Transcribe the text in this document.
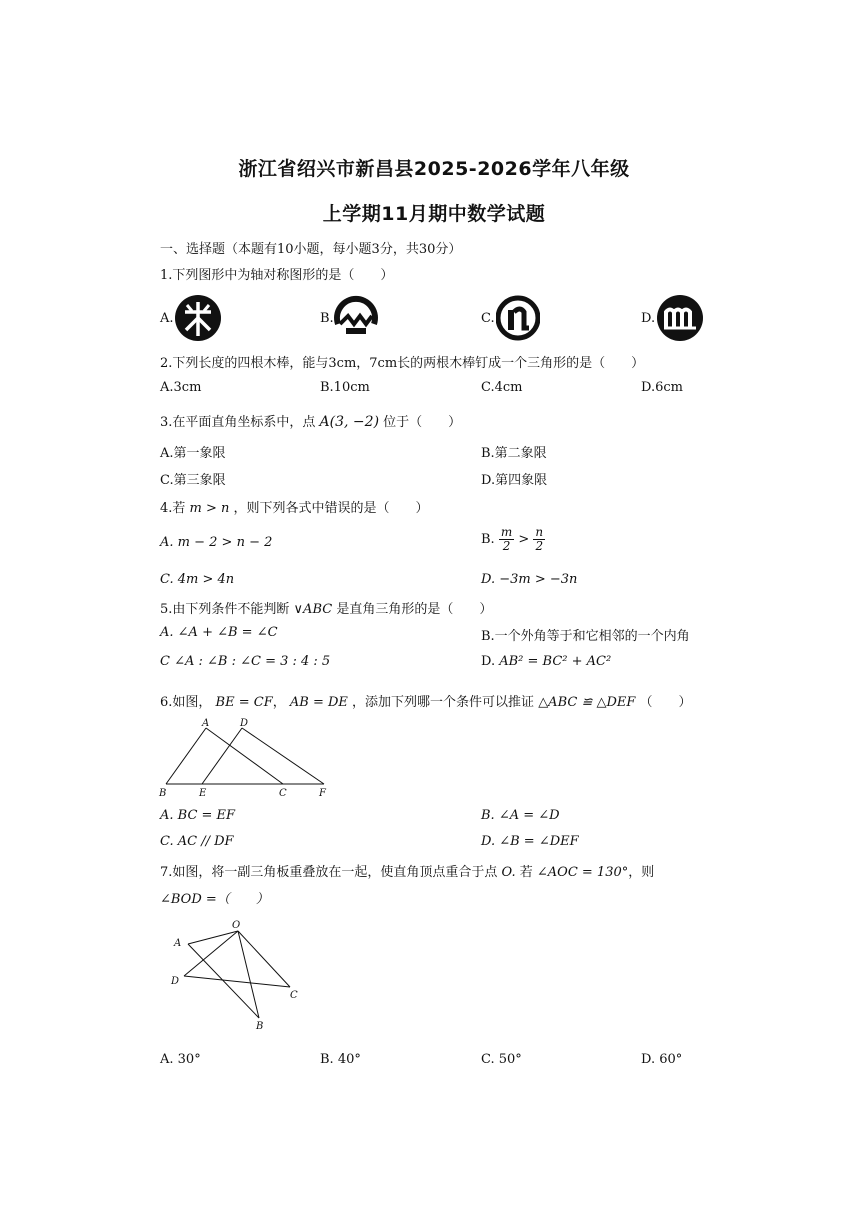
浙江省绍兴市新昌县2025-2026学年八年级
上学期11月期中数学试题
一、选择题（本题有10小题，每小题3分，共30分）
1.下列图形中为轴对称图形的是（　　）
A.	B.	C.	D.
2.下列长度的四根木棒，能与3cm，7cm长的两根木棒钉成一个三角形的是（　　）
A.3cm	B.10cm	C.4cm	D.6cm
3.在平面直角坐标系中，点 A(3, −2) 位于（　　）
A.第一象限	B.第二象限
C.第三象限	D.第四象限
4.若 m > n ，则下列各式中错误的是（　　）
A. m − 2 > n − 2	B. $\frac{m}{2} > \frac{n}{2}$
C. 4m > 4n	D. −3m > −3n
5.由下列条件不能判断 ∨ABC 是直角三角形的是（　　）
A. ∠A + ∠B = ∠C	B.一个外角等于和它相邻的一个内角
C ∠A : ∠B : ∠C = 3 : 4 : 5	D. AB² = BC² + AC²
6.如图， BE = CF， AB = DE ，添加下列哪一个条件可以推证 △ABC ≌ △DEF （　　）
A	D
B	E	C	F
A. BC = EF	B. ∠A = ∠D
C. AC // DF	D. ∠B = ∠DEF
7.如图，将一副三角板重叠放在一起，使直角顶点重合于点 O. 若 ∠AOC = 130°，则
∠BOD =（　　）
O
A
D
C
B
A. 30°	B. 40°	C. 50°	D. 60°
